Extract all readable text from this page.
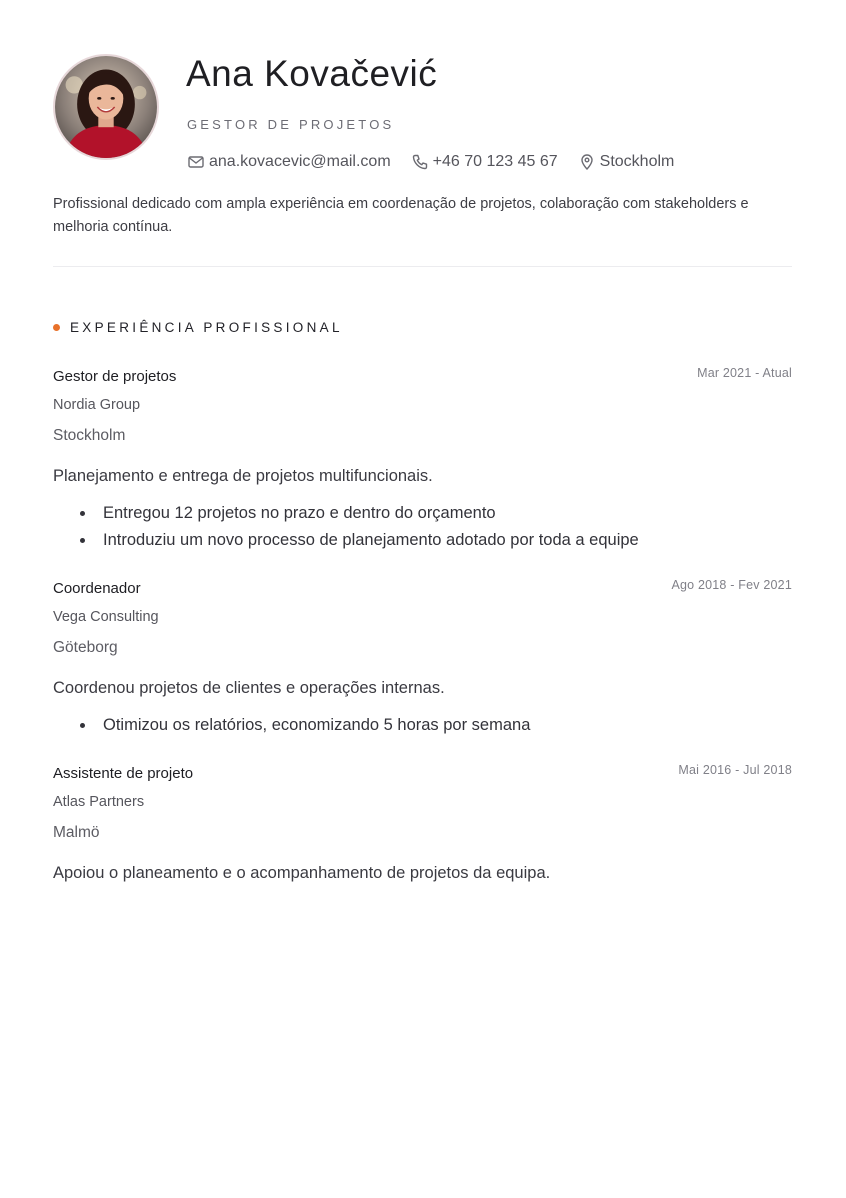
Ana Kovačević
GESTOR DE PROJETOS
ana.kovacevic@mail.com	+46 70 123 45 67	Stockholm
Profissional dedicado com ampla experiência em coordenação de projetos, colaboração com stakeholders e melhoria contínua.
EXPERIÊNCIA PROFISSIONAL
Gestor de projetos	Mar 2021 - Atual
Nordia Group
Stockholm
Planejamento e entrega de projetos multifuncionais.
Entregou 12 projetos no prazo e dentro do orçamento
Introduziu um novo processo de planejamento adotado por toda a equipe
Coordenador	Ago 2018 - Fev 2021
Vega Consulting
Göteborg
Coordenou projetos de clientes e operações internas.
Otimizou os relatórios, economizando 5 horas por semana
Assistente de projeto	Mai 2016 - Jul 2018
Atlas Partners
Malmö
Apoiou o planeamento e o acompanhamento de projetos da equipa.
